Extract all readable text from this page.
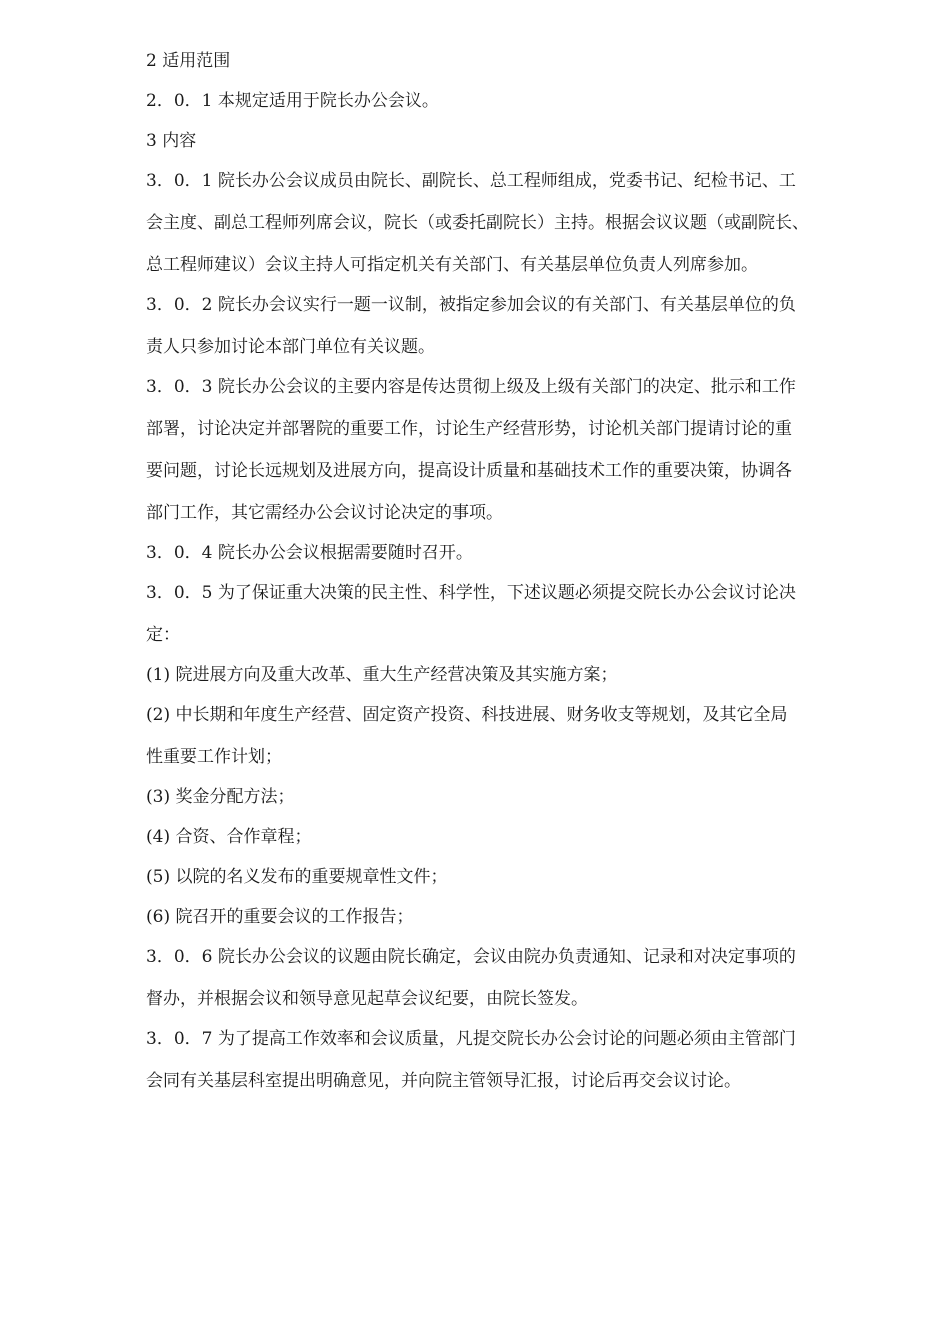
2 适用范围
2．0．1 本规定适用于院长办公会议。
3 内容
3．0．1 院长办公会议成员由院长、副院长、总工程师组成，党委书记、纪检书记、工
会主度、副总工程师列席会议，院长（或委托副院长）主持。根据会议议题（或副院长、
总工程师建议）会议主持人可指定机关有关部门、有关基层单位负责人列席参加。
3．0．2 院长办会议实行一题一议制，被指定参加会议的有关部门、有关基层单位的负
责人只参加讨论本部门单位有关议题。
3．0．3 院长办公会议的主要内容是传达贯彻上级及上级有关部门的决定、批示和工作
部署，讨论决定并部署院的重要工作，讨论生产经营形势，讨论机关部门提请讨论的重
要问题，讨论长远规划及进展方向，提高设计质量和基础技术工作的重要决策，协调各
部门工作，其它需经办公会议讨论决定的事项。
3．0．4 院长办公会议根据需要随时召开。
3．0．5 为了保证重大决策的民主性、科学性，下述议题必须提交院长办公会议讨论决
定：
(1) 院进展方向及重大改革、重大生产经营决策及其实施方案；
(2) 中长期和年度生产经营、固定资产投资、科技进展、财务收支等规划，及其它全局
性重要工作计划；
(3) 奖金分配方法；
(4) 合资、合作章程；
(5) 以院的名义发布的重要规章性文件；
(6) 院召开的重要会议的工作报告；
3．0．6 院长办公会议的议题由院长确定，会议由院办负责通知、记录和对决定事项的
督办，并根据会议和领导意见起草会议纪要，由院长签发。
3．0．7 为了提高工作效率和会议质量，凡提交院长办公会讨论的问题必须由主管部门
会同有关基层科室提出明确意见，并向院主管领导汇报，讨论后再交会议讨论。
